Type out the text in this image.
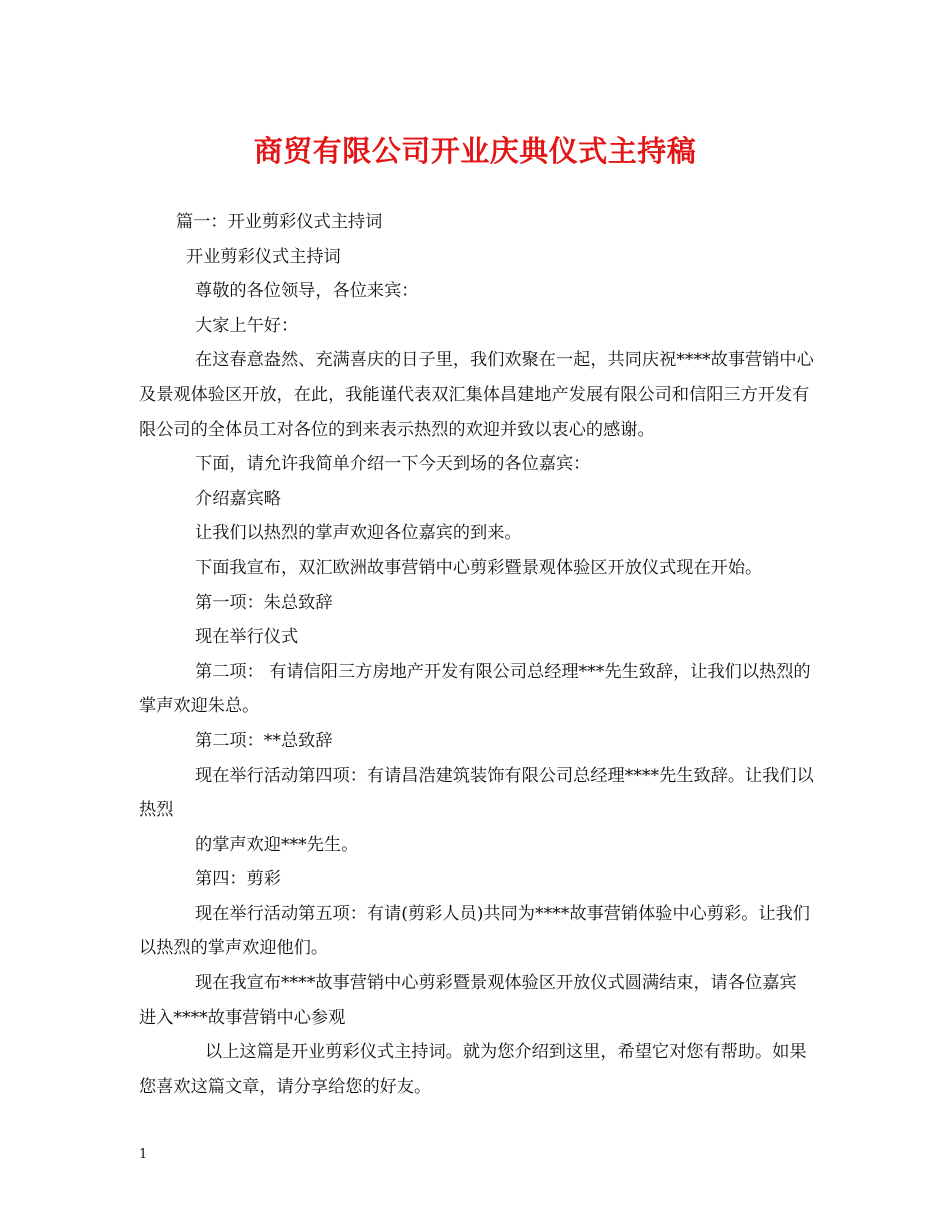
商贸有限公司开业庆典仪式主持稿

篇一：开业剪彩仪式主持词

开业剪彩仪式主持词

尊敬的各位领导，各位来宾：

大家上午好：

在这春意盎然、充满喜庆的日子里，我们欢聚在一起，共同庆祝****故事营销中心及景观体验区开放，在此，我能谨代表双汇集体昌建地产发展有限公司和信阳三方开发有限公司的全体员工对各位的到来表示热烈的欢迎并致以衷心的感谢。

下面，请允许我简单介绍一下今天到场的各位嘉宾：

介绍嘉宾略

让我们以热烈的掌声欢迎各位嘉宾的到来。

下面我宣布，双汇欧洲故事营销中心剪彩暨景观体验区开放仪式现在开始。

第一项：朱总致辞

现在举行仪式

第二项： 有请信阳三方房地产开发有限公司总经理***先生致辞，让我们以热烈的掌声欢迎朱总。

第二项：**总致辞

现在举行活动第四项：有请昌浩建筑装饰有限公司总经理****先生致辞。让我们以热烈

的掌声欢迎***先生。

第四：剪彩

现在举行活动第五项：有请(剪彩人员)共同为****故事营销体验中心剪彩。让我们以热烈的掌声欢迎他们。

现在我宣布****故事营销中心剪彩暨景观体验区开放仪式圆满结束，请各位嘉宾 进入****故事营销中心参观

以上这篇是开业剪彩仪式主持词。就为您介绍到这里，希望它对您有帮助。如果您喜欢这篇文章，请分享给您的好友。

1
